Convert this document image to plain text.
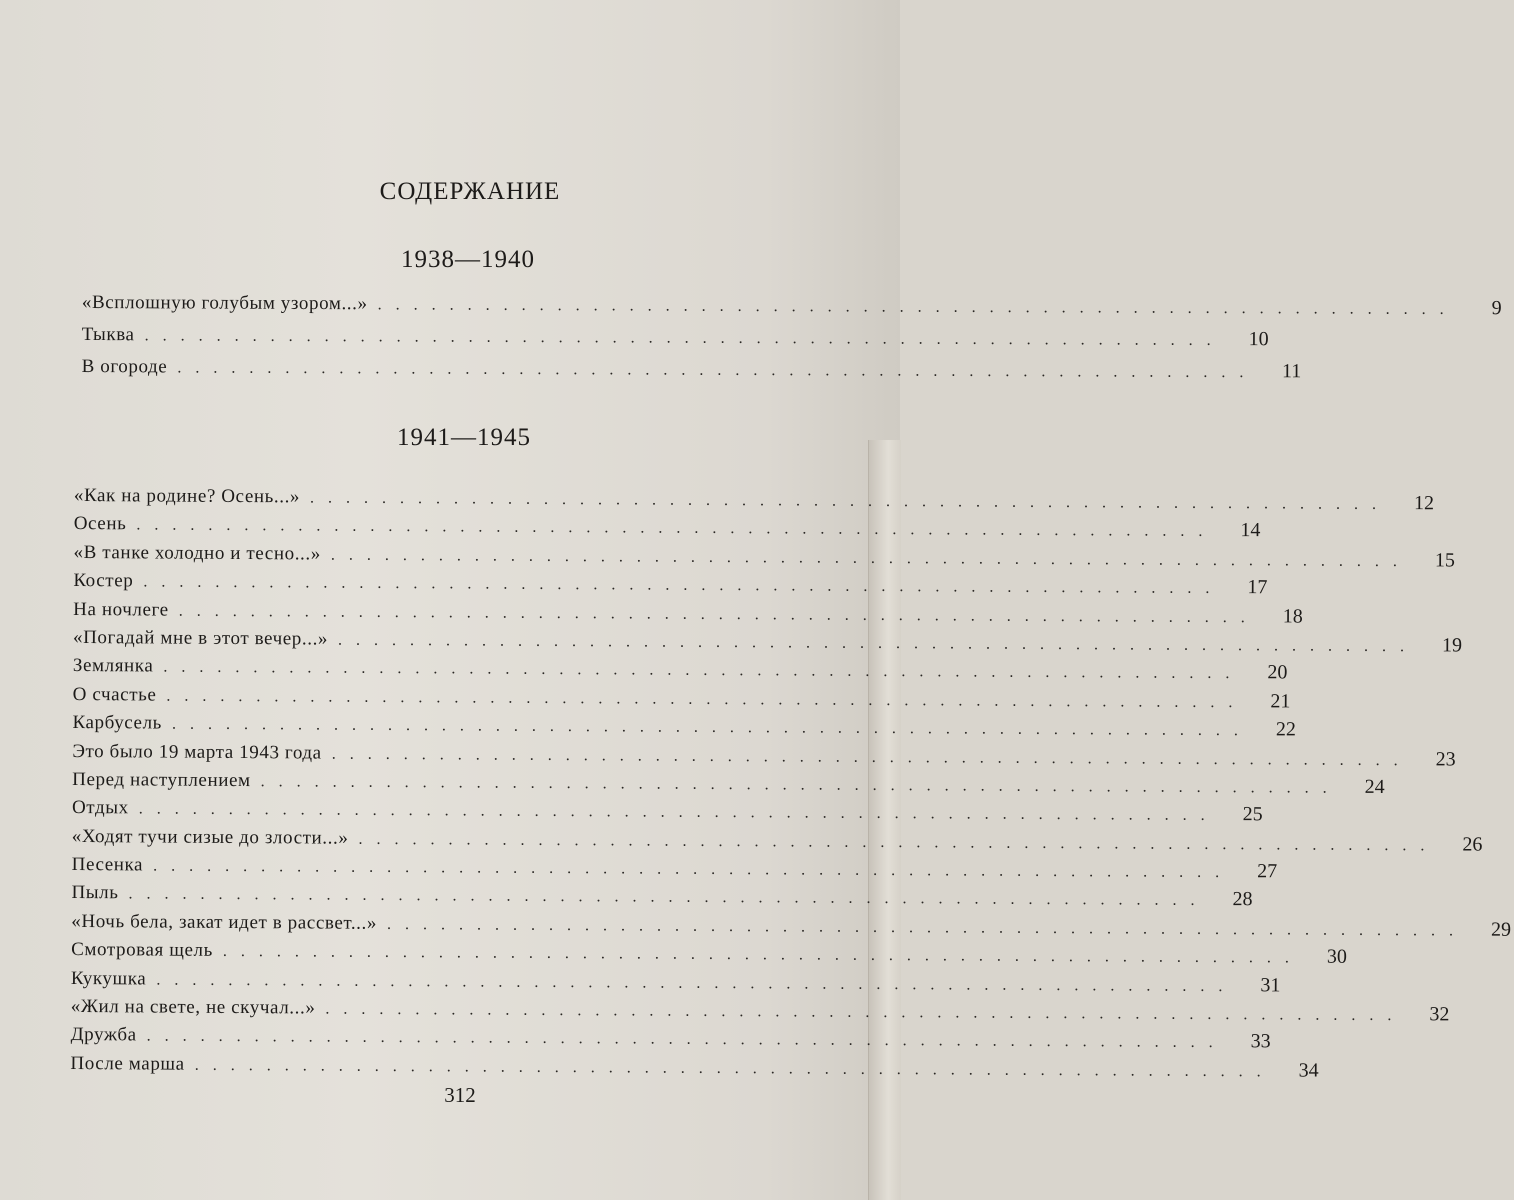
СОДЕРЖАНИЕ
1938—1940
«Всплошную голубым узором...» ............................................................	9
Тыква ............................................................	10
В огороде ............................................................	11
1941—1945
«Как на родине? Осень...» ............................................................	12
Осень ............................................................	14
«В танке холодно и тесно...» ............................................................	15
Костер ............................................................	17
На ночлеге ............................................................	18
«Погадай мне в этот вечер...» ............................................................	19
Землянка ............................................................	20
О счастье ............................................................	21
Карбусель ............................................................	22
Это было 19 марта 1943 года ............................................................	23
Перед наступлением ............................................................	24
Отдых ............................................................	25
«Ходят тучи сизые до злости...» ............................................................	26
Песенка ............................................................	27
Пыль ............................................................	28
«Ночь бела, закат идет в рассвет...» ............................................................	29
Смотровая щель ............................................................	30
Кукушка ............................................................	31
«Жил на свете, не скучал...» ............................................................	32
Дружба ............................................................	33
После марша ............................................................	34
312
